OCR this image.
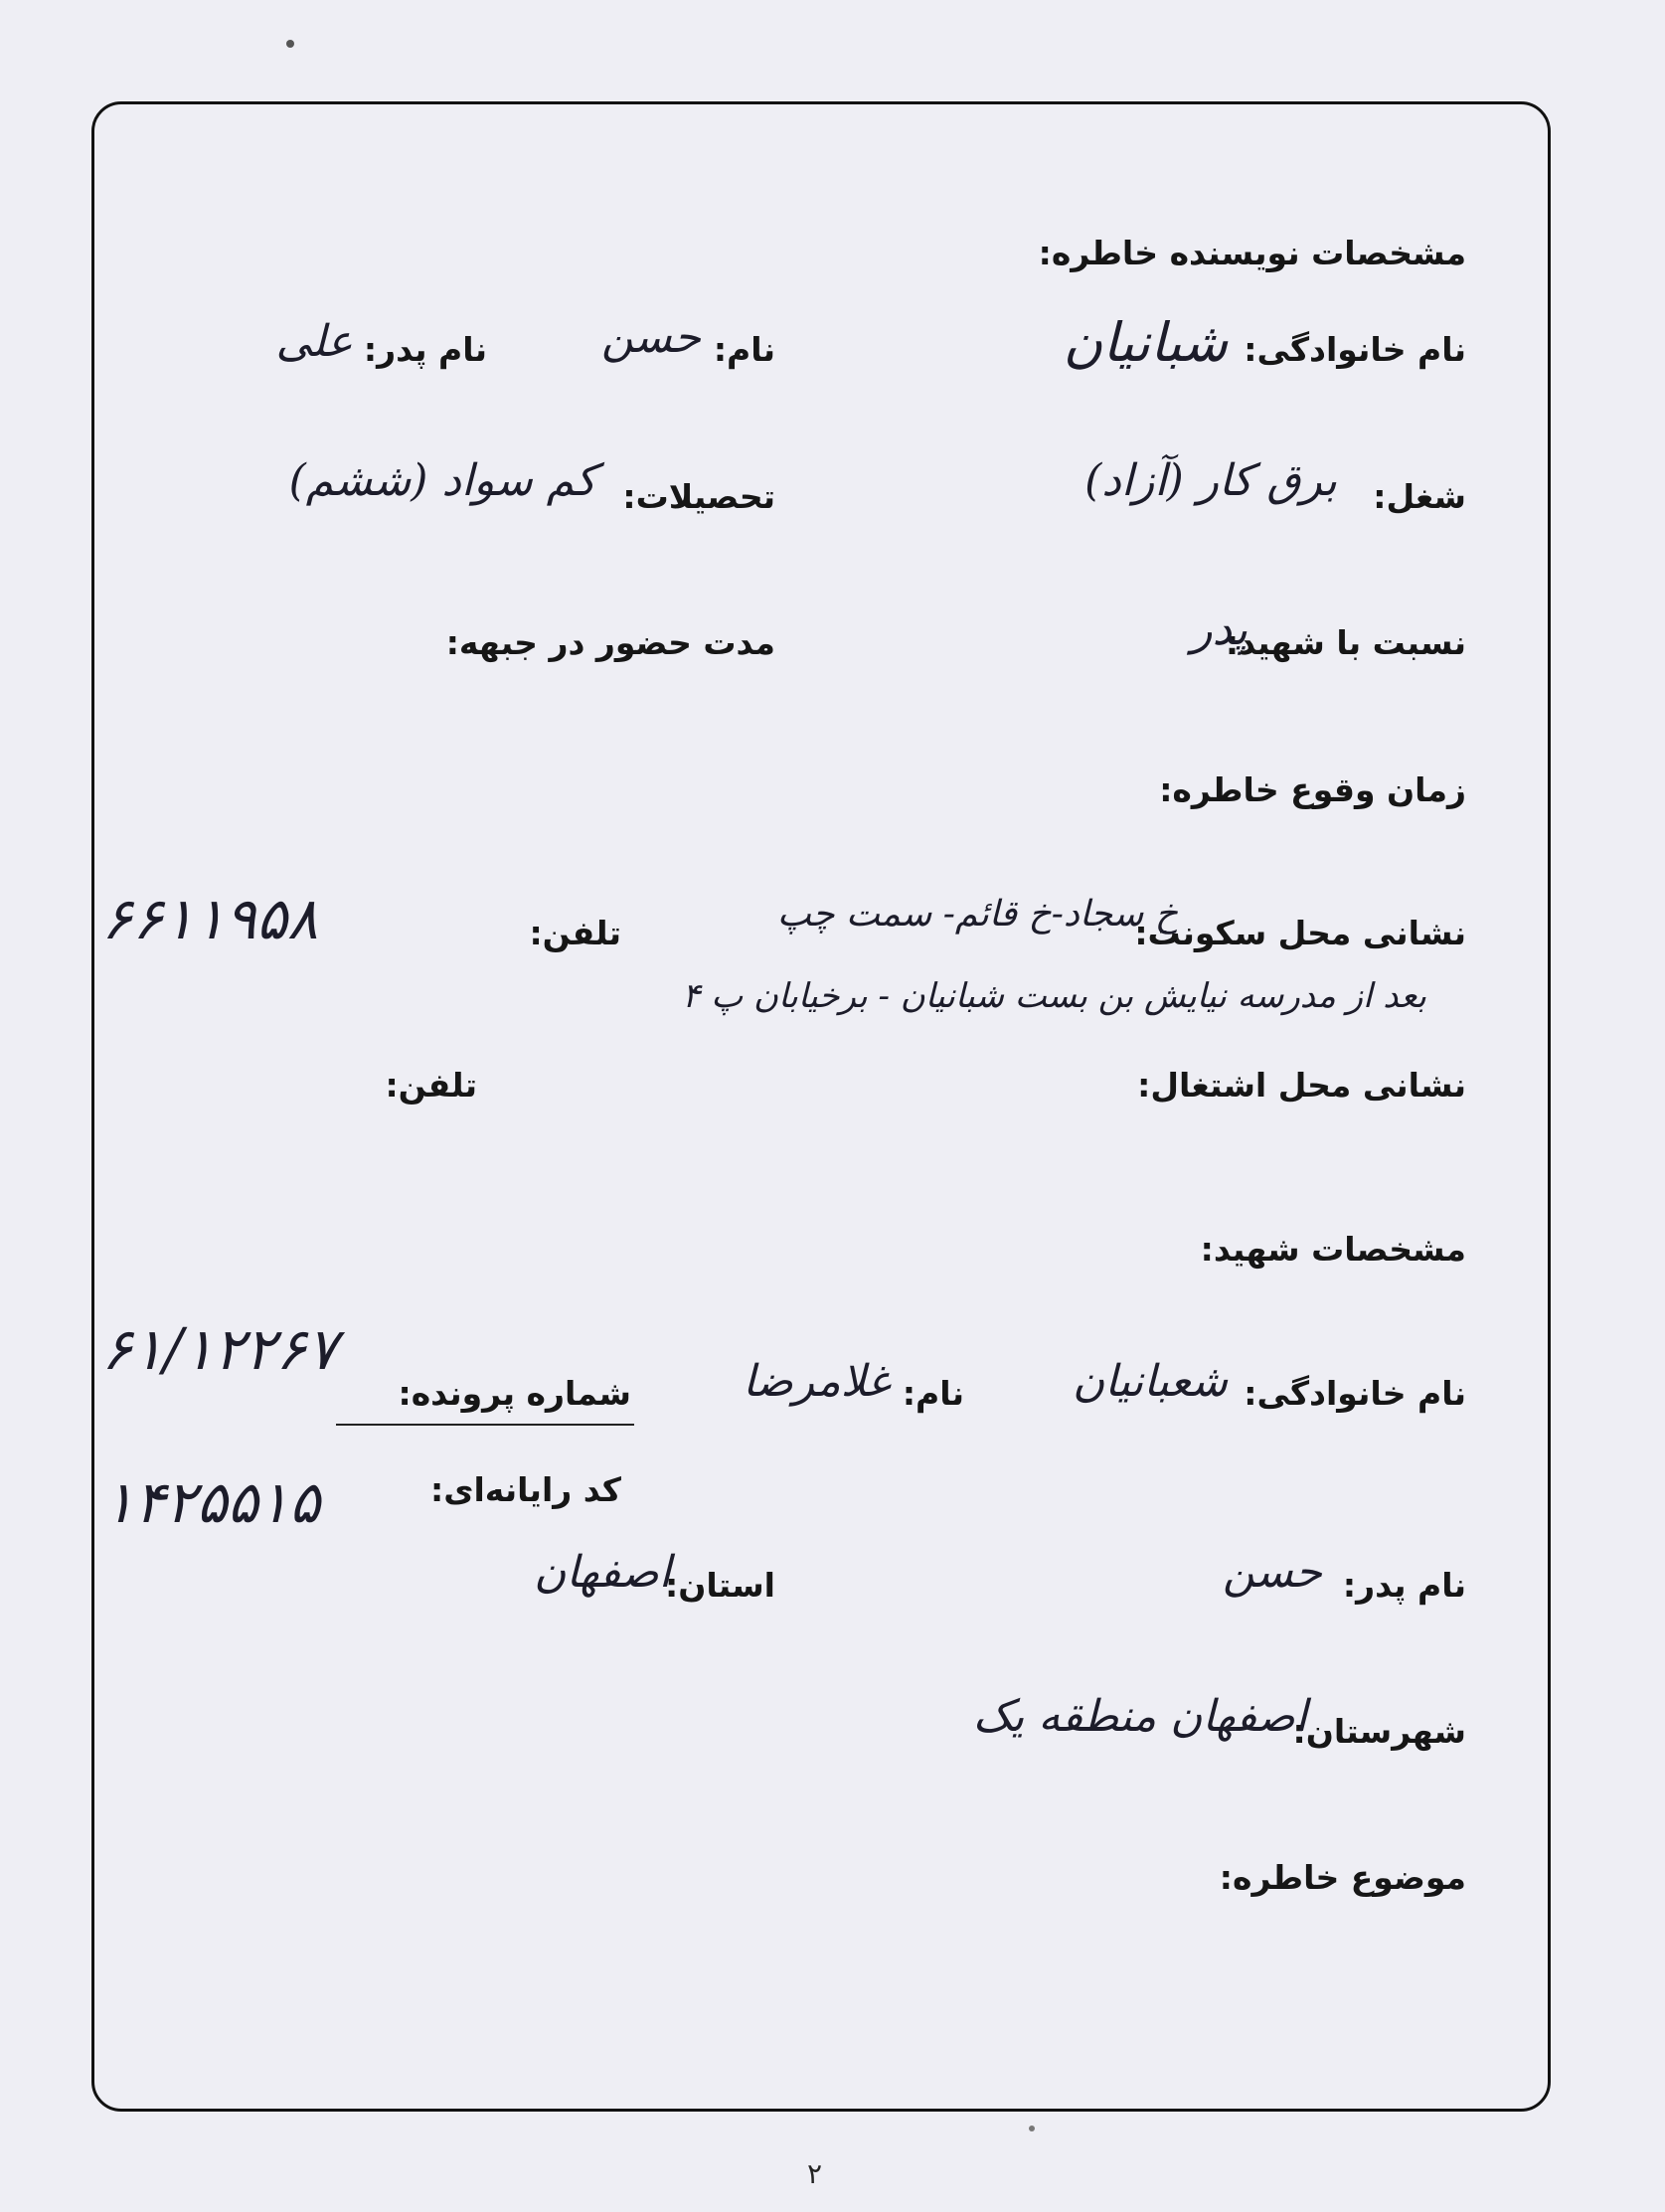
مشخصات نویسنده خاطره:
نام خانوادگی:
شبانیان
نام:
حسن
نام پدر:
علی
شغل:
برق کار (آزاد)
تحصیلات:
کم سواد (ششم)
نسبت با شهید:
پدر
مدت حضور در جبهه:
زمان وقوع خاطره:
نشانی محل سکونت:
خ سجاد-خ قائم- سمت چپ
تلفن:
۶۶۱۱۹۵۸
بعد از مدرسه نیایش بن بست شبانیان - برخیابان پ ۴
نشانی محل اشتغال:
تلفن:
مشخصات شهید:
نام خانوادگی:
شعبانیان
نام:
غلامرضا
شماره پرونده:
۶۱/۱۲۲۶۷
کد رایانه‌ای:
۱۴۲۵۵۱۵
نام پدر:
حسن
استان:
اصفهان
شهرستان:
اصفهان منطقه یک
موضوع خاطره:
۲
